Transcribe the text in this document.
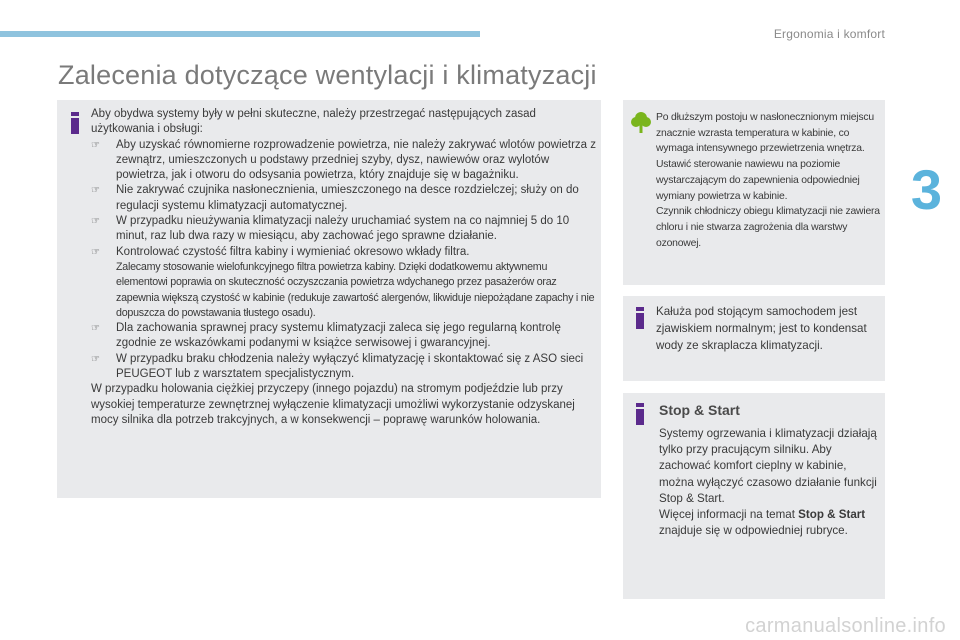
Ergonomia i komfort
3
Zalecenia dotyczące wentylacji i klimatyzacji

Aby obydwa systemy były w pełni skuteczne, należy przestrzegać następujących zasad użytkowania i obsługi:

☞ Aby uzyskać równomierne rozprowadzenie powietrza, nie należy zakrywać wlotów powietrza z zewnątrz, umieszczonych u podstawy przedniej szyby, dysz, nawiewów oraz wylotów powietrza, jak i otworu do odsysania powietrza, który znajduje się w bagażniku.
☞ Nie zakrywać czujnika nasłonecznienia, umieszczonego na desce rozdzielczej; służy on do regulacji systemu klimatyzacji automatycznej.
☞ W przypadku nieużywania klimatyzacji należy uruchamiać system na co najmniej 5 do 10 minut, raz lub dwa razy w miesiącu, aby zachować jego sprawne działanie.
☞ Kontrolować czystość filtra kabiny i wymieniać okresowo wkłady filtra.
Zalecamy stosowanie wielofunkcyjnego filtra powietrza kabiny. Dzięki dodatkowemu aktywnemu elementowi poprawia on skuteczność oczyszczania powietrza wdychanego przez pasażerów oraz zapewnia większą czystość w kabinie (redukuje zawartość alergenów, likwiduje niepożądane zapachy i nie dopuszcza do powstawania tłustego osadu).
☞ Dla zachowania sprawnej pracy systemu klimatyzacji zaleca się jego regularną kontrolę zgodnie ze wskazówkami podanymi w książce serwisowej i gwarancyjnej.
☞ W przypadku braku chłodzenia należy wyłączyć klimatyzację i skontaktować się z ASO sieci PEUGEOT lub z warsztatem specjalistycznym.

W przypadku holowania ciężkiej przyczepy (innego pojazdu) na stromym podjeździe lub przy wysokiej temperaturze zewnętrznej wyłączenie klimatyzacji umożliwi wykorzystanie odzyskanej mocy silnika dla potrzeb trakcyjnych, a w konsekwencji – poprawę warunków holowania.

Po dłuższym postoju w nasłonecznionym miejscu znacznie wzrasta temperatura w kabinie, co wymaga intensywnego przewietrzenia wnętrza.

Ustawić sterowanie nawiewu na poziomie wystarczającym do zapewnienia odpowiedniej wymiany powietrza w kabinie.

Czynnik chłodniczy obiegu klimatyzacji nie zawiera chloru i nie stwarza zagrożenia dla warstwy ozonowej.

Kałuża pod stojącym samochodem jest zjawiskiem normalnym; jest to kondensat wody ze skraplacza klimatyzacji.
Stop & Start

Systemy ogrzewania i klimatyzacji działają tylko przy pracującym silniku. Aby zachować komfort cieplny w kabinie, można wyłączyć czasowo działanie funkcji Stop & Start.

Więcej informacji na temat Stop & Start znajduje się w odpowiedniej rubryce.

carmanualsonline.info
